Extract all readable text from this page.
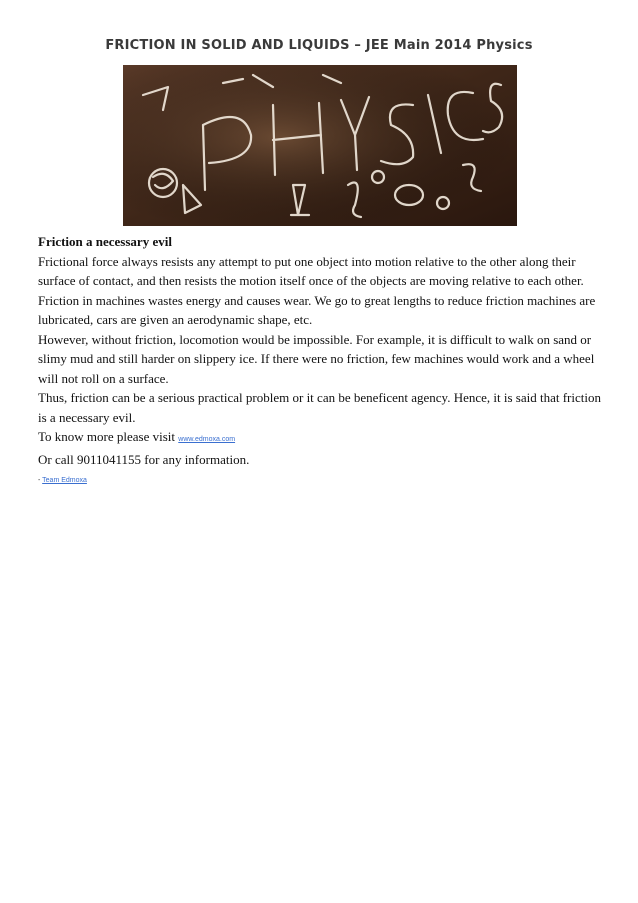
FRICTION IN SOLID AND LIQUIDS – JEE Main 2014 Physics
PHYSICS

Friction a necessary evil

Frictional force always resists any attempt to put one object into motion relative to the other along their surface of contact, and then resists the motion itself once of the objects are moving relative to each other.

Friction in machines wastes energy and causes wear. We go to great lengths to reduce friction machines are lubricated, cars are given an aerodynamic shape, etc.

However, without friction, locomotion would be impossible. For example, it is difficult to walk on sand or slimy mud and still harder on slippery ice. If there were no friction, few machines would work and a wheel will not roll on a surface.

Thus, friction can be a serious practical problem or it can be beneficent agency. Hence, it is said that friction is a necessary evil.

To know more please visit www.edmoxa.com

Or call 9011041155 for any information.

- Team Edmoxa
